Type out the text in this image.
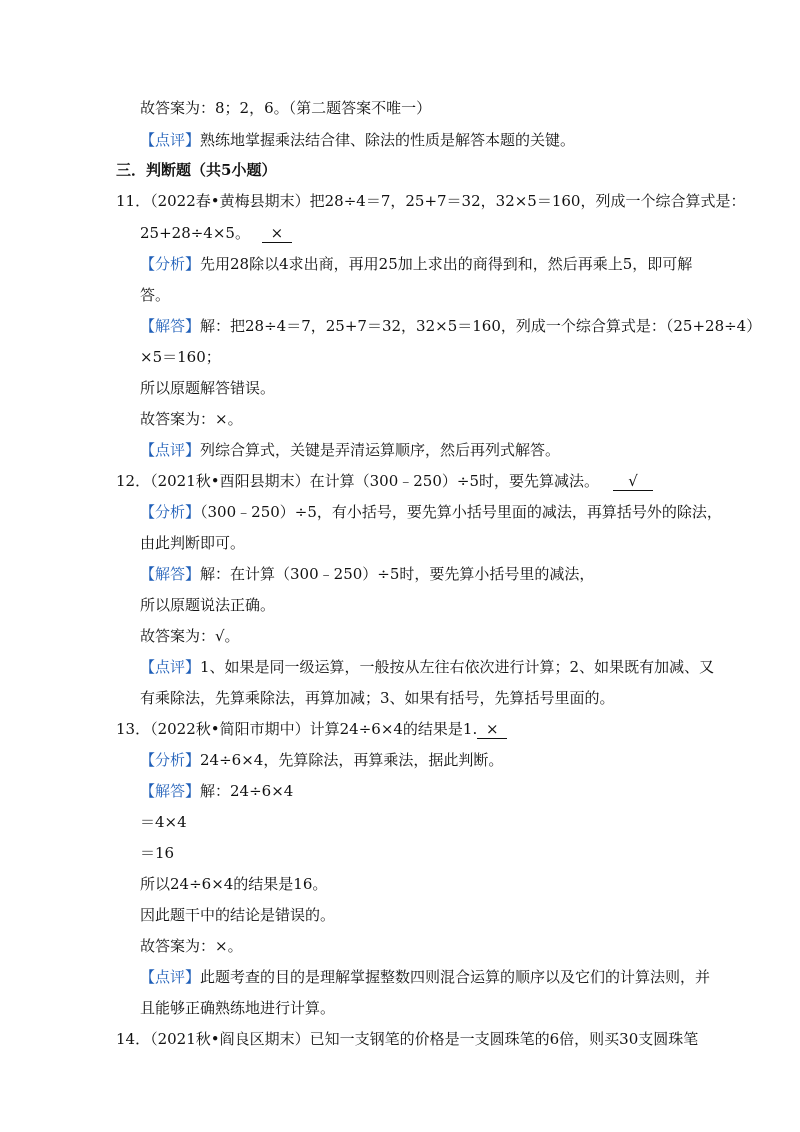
故答案为：8；2，6。（第二题答案不唯一）
【点评】熟练地掌握乘法结合律、除法的性质是解答本题的关键。
三．判断题（共5小题）
11．（2022春•黄梅县期末）把28÷4＝7，25+7＝32，32×5＝160，列成一个综合算式是：
25+28÷4×5。 ×
【分析】先用28除以4求出商，再用25加上求出的商得到和，然后再乘上5，即可解
答。
【解答】解：把28÷4＝7，25+7＝32，32×5＝160，列成一个综合算式是：（25+28÷4）
×5＝160；
所以原题解答错误。
故答案为：×。
【点评】列综合算式，关键是弄清运算顺序，然后再列式解答。
12．（2021秋•酉阳县期末）在计算（300﹣250）÷5时，要先算减法。 √
【分析】（300﹣250）÷5，有小括号，要先算小括号里面的减法，再算括号外的除法，
由此判断即可。
【解答】解：在计算（300﹣250）÷5时，要先算小括号里的减法，
所以原题说法正确。
故答案为：√。
【点评】1、如果是同一级运算，一般按从左往右依次进行计算；2、如果既有加减、又
有乘除法，先算乘除法，再算加减；3、如果有括号，先算括号里面的。
13．（2022秋•简阳市期中）计算24÷6×4的结果是1. ×
【分析】24÷6×4，先算除法，再算乘法，据此判断。
【解答】解：24÷6×4
＝4×4
＝16
所以24÷6×4的结果是16。
因此题干中的结论是错误的。
故答案为：×。
【点评】此题考查的目的是理解掌握整数四则混合运算的顺序以及它们的计算法则，并
且能够正确熟练地进行计算。
14．（2021秋•阎良区期末）已知一支钢笔的价格是一支圆珠笔的6倍，则买30支圆珠笔
